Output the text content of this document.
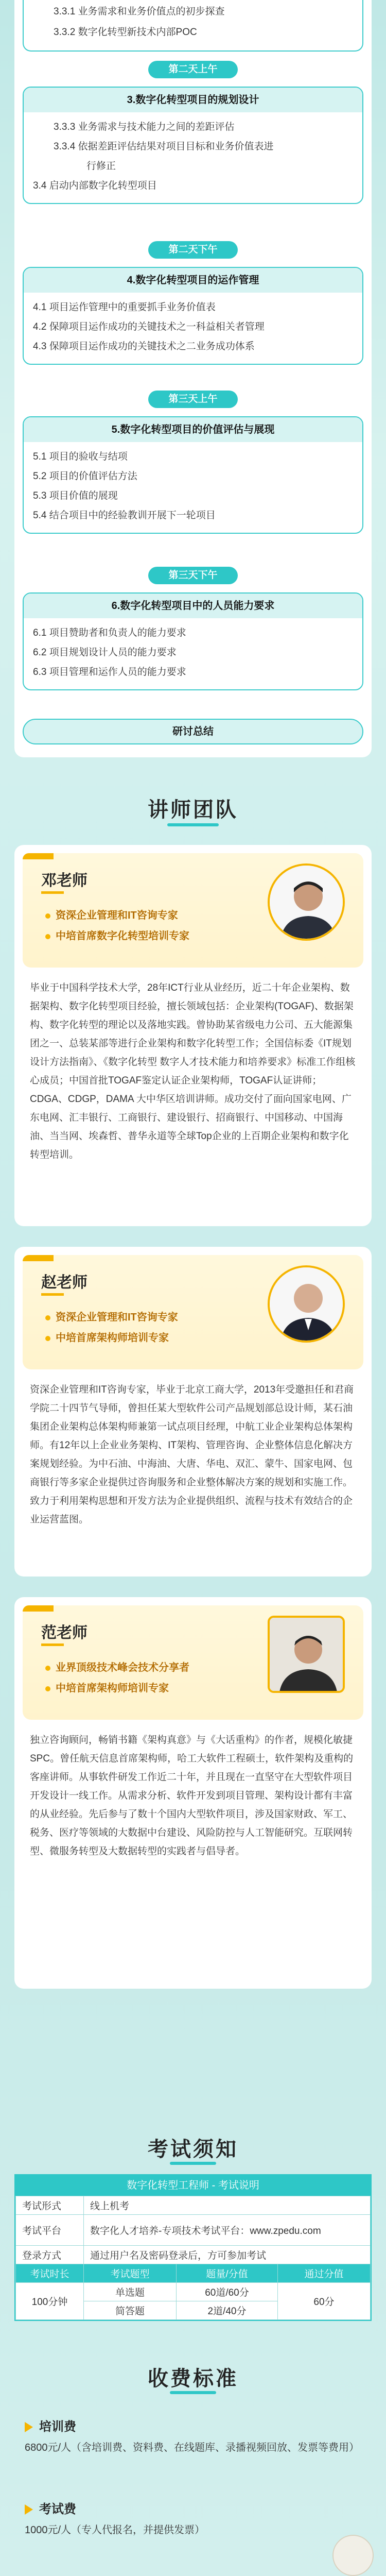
3.3.1 业务需求和业务价值点的初步探查
3.3.2 数字化转型新技术内部POC
第二天上午
3.数字化转型项目的规划设计
3.3.3 业务需求与技术能力之间的差距评估
3.3.4 依据差距评估结果对项目目标和业务价值表进
行修正
3.4 启动内部数字化转型项目
第二天下午
4.数字化转型项目的运作管理
4.1 项目运作管理中的重要抓手业务价值表
4.2 保障项目运作成功的关键技术之一科益相关者管理
4.3 保障项目运作成功的关键技术之二业务成功体系
第三天上午
5.数字化转型项目的价值评估与展现
5.1 项目的验收与结项
5.2 项目的价值评估方法
5.3 项目价值的展现
5.4 结合项目中的经验教训开展下一轮项目
第三天下午
6.数字化转型项目中的人员能力要求
6.1 项目赞助者和负责人的能力要求
6.2 项目规划设计人员的能力要求
6.3 项目管理和运作人员的能力要求
研讨总结
讲师团队
邓老师
资深企业管理和IT咨询专家
中培首席数字化转型培训专家
毕业于中国科学技术大学，28年ICT行业从业经历，近二十年企业架构、数据架构、数字化转型项目经验，擅长领域包括：企业架构(TOGAF)、数据架构、数字化转型的理论以及落地实践。曾协助某省级电力公司、五大能源集团之一、总装某部等进行企业架构和数字化转型工作；全国信标委《IT规划设计方法指南》、《数字化转型 数字人才技术能力和培养要求》标准工作组核心成员；中国首批TOGAF鉴定认证企业架构师，TOGAF认证讲师；CDGA、CDGP，DAMA 大中华区培训讲师。成功交付了面向国家电网、广东电网、汇丰银行、工商银行、建设银行、招商银行、中国移动、中国海油、当当网、埃森哲、普华永道等全球Top企业的上百期企业架构和数字化转型培训。
赵老师
资深企业管理和IT咨询专家
中培首席架构师培训专家
资深企业管理和IT咨询专家，毕业于北京工商大学，2013年受邀担任和君商学院二十四节气导师，曾担任某大型软件公司产品规划部总设计师，某石油集团企业架构总体架构师兼第一试点项目经理，中航工业企业架构总体架构师。有12年以上企业业务架构、IT架构、管理咨询、企业整体信息化解决方案规划经验。为中石油、中海油、大唐、华电、双汇、蒙牛、国家电网、包商银行等多家企业提供过咨询服务和企业整体解决方案的规划和实施工作。致力于利用架构思想和开发方法为企业提供组织、流程与技术有效结合的企业运营蓝图。
范老师
业界顶级技术峰会技术分享者
中培首席架构师培训专家
独立咨询顾问，畅销书籍《架构真意》与《大话重构》的作者，规模化敏捷SPC。曾任航天信息首席架构师，哈工大软件工程硕士，软件架构及重构的客座讲师。从事软件研发工作近二十年，并且现在一直坚守在大型软件项目开发设计一线工作。从需求分析、软件开发到项目管理、架构设计都有丰富的从业经验。先后参与了数十个国内大型软件项目，涉及国家财政、军工、税务、医疗等领域的大数据中台建设、风险防控与人工智能研究。互联网转型、微服务转型及大数据转型的实践者与倡导者。
考试须知
数字化转型工程师 - 考试说明
考试形式	线上机考		
考试平台	数字化人才培养-专项技术考试平台：www.zpedu.com		
登录方式	通过用户名及密码登录后，方可参加考试		
考试时长	考试题型	题量/分值	通过分值
100分钟	单选题	60道/60分	60分
	简答题	2道/40分	
收费标准
培训费
6800元/人（含培训费、资料费、在线题库、录播视频回放、发票等费用）
考试费
1000元/人（专人代报名，并提供发票）
